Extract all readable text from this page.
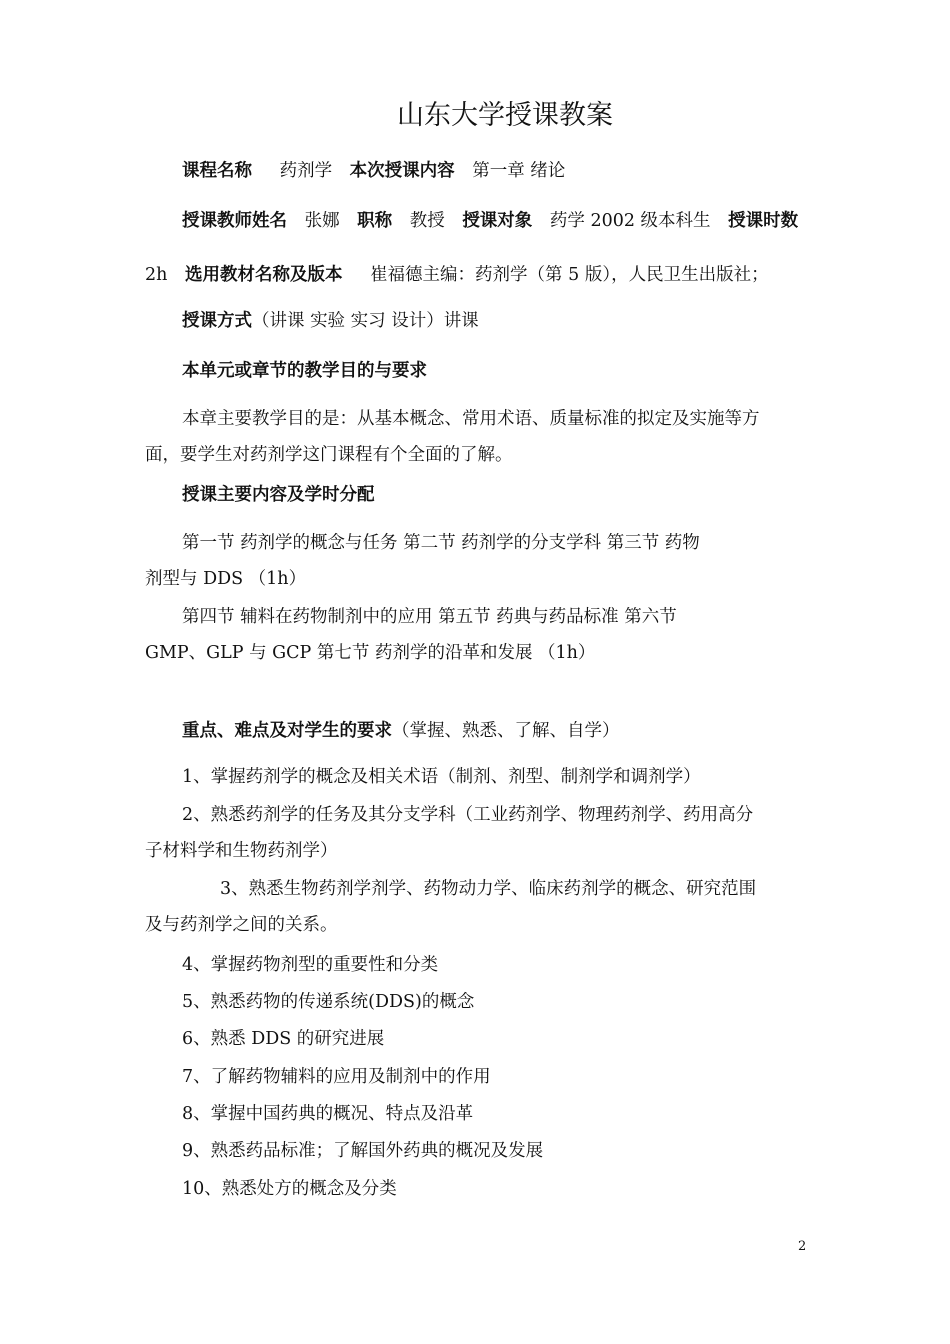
山东大学授课教案
课程名称 药剂学 本次授课内容 第一章 绪论
授课教师姓名 张娜 职称 教授 授课对象 药学 2002 级本科生 授课时数
2h 选用教材名称及版本 崔福德主编：药剂学（第 5 版），人民卫生出版社；
授课方式（讲课 实验 实习 设计）讲课
本单元或章节的教学目的与要求
本章主要教学目的是：从基本概念、常用术语、质量标准的拟定及实施等方
面，要学生对药剂学这门课程有个全面的了解。
授课主要内容及学时分配
第一节 药剂学的概念与任务 第二节 药剂学的分支学科 第三节 药物
剂型与 DDS （1h）
第四节 辅料在药物制剂中的应用 第五节 药典与药品标准 第六节
GMP、GLP 与 GCP 第七节 药剂学的沿革和发展 （1h）
重点、难点及对学生的要求（掌握、熟悉、了解、自学）
1、掌握药剂学的概念及相关术语（制剂、剂型、制剂学和调剂学）
2、熟悉药剂学的任务及其分支学科（工业药剂学、物理药剂学、药用高分
子材料学和生物药剂学）
3、熟悉生物药剂学剂学、药物动力学、临床药剂学的概念、研究范围
及与药剂学之间的关系。
4、掌握药物剂型的重要性和分类
5、熟悉药物的传递系统(DDS)的概念
6、熟悉 DDS 的研究进展
7、了解药物辅料的应用及制剂中的作用
8、掌握中国药典的概况、特点及沿革
9、熟悉药品标准；了解国外药典的概况及发展
10、熟悉处方的概念及分类
2
